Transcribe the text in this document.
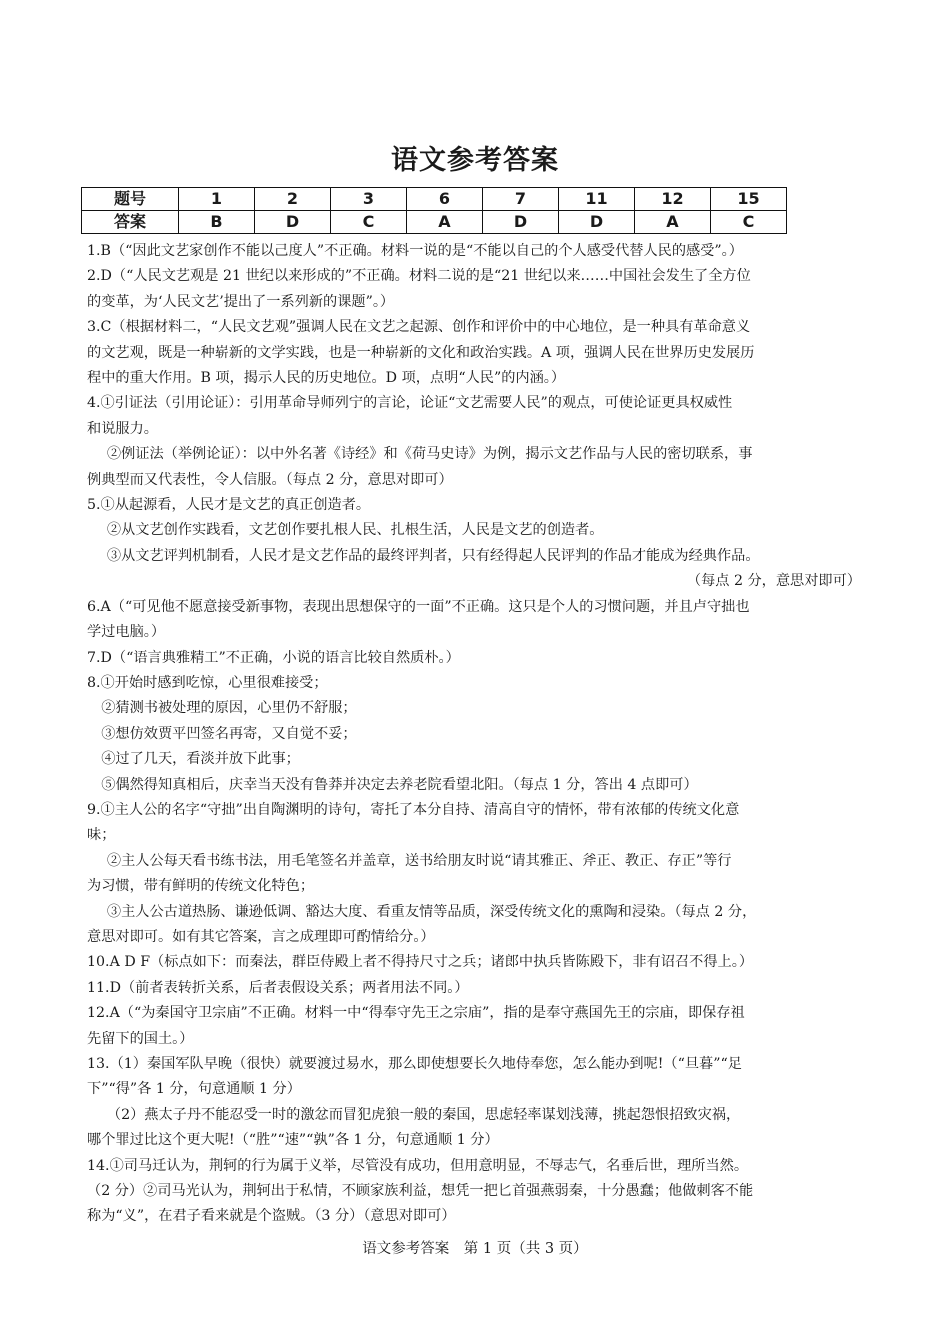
语文参考答案
题号	1	2	3	6	7	11	12	15
答案	B	D	C	A	D	D	A	C

1.B（“因此文艺家创作不能以己度人”不正确。材料一说的是“不能以自己的个人感受代替人民的感受”。）

2.D（“人民文艺观是 21 世纪以来形成的”不正确。材料二说的是“21 世纪以来……中国社会发生了全方位

的变革，为‘人民文艺’提出了一系列新的课题”。）

3.C（根据材料二，“人民文艺观”强调人民在文艺之起源、创作和评价中的中心地位，是一种具有革命意义

的文艺观，既是一种崭新的文学实践，也是一种崭新的文化和政治实践。A 项，强调人民在世界历史发展历

程中的重大作用。B 项，揭示人民的历史地位。D 项，点明“人民”的内涵。）

4.①引证法（引用论证）：引用革命导师列宁的言论，论证“文艺需要人民”的观点，可使论证更具权威性

和说服力。

②例证法（举例论证）：以中外名著《诗经》和《荷马史诗》为例，揭示文艺作品与人民的密切联系，事

例典型而又代表性，令人信服。（每点 2 分，意思对即可）

5.①从起源看，人民才是文艺的真正创造者。

②从文艺创作实践看，文艺创作要扎根人民、扎根生活，人民是文艺的创造者。

③从文艺评判机制看，人民才是文艺作品的最终评判者，只有经得起人民评判的作品才能成为经典作品。

（每点 2 分，意思对即可）

6.A（“可见他不愿意接受新事物，表现出思想保守的一面”不正确。这只是个人的习惯问题，并且卢守拙也

学过电脑。）

7.D（“语言典雅精工”不正确，小说的语言比较自然质朴。）

8.①开始时感到吃惊，心里很难接受；

②猜测书被处理的原因，心里仍不舒服；

③想仿效贾平凹签名再寄，又自觉不妥；

④过了几天，看淡并放下此事；

⑤偶然得知真相后，庆幸当天没有鲁莽并决定去养老院看望北阳。（每点 1 分，答出 4 点即可）

9.①主人公的名字“守拙”出自陶渊明的诗句，寄托了本分自持、清高自守的情怀，带有浓郁的传统文化意

味；

②主人公每天看书练书法，用毛笔签名并盖章，送书给朋友时说“请其雅正、斧正、教正、存正”等行

为习惯，带有鲜明的传统文化特色；

③主人公古道热肠、谦逊低调、豁达大度、看重友情等品质，深受传统文化的熏陶和浸染。（每点 2 分，

意思对即可。如有其它答案，言之成理即可酌情给分。）

10.A D F（标点如下：而秦法，群臣侍殿上者不得持尺寸之兵；诸郎中执兵皆陈殿下，非有诏召不得上。）

11.D（前者表转折关系，后者表假设关系；两者用法不同。）

12.A（“为秦国守卫宗庙”不正确。材料一中“得奉守先王之宗庙”，指的是奉守燕国先王的宗庙，即保存祖

先留下的国土。）

13.（1）秦国军队早晚（很快）就要渡过易水，那么即使想要长久地侍奉您，怎么能办到呢!（“旦暮”“足

下”“得”各 1 分，句意通顺 1 分）

（2）燕太子丹不能忍受一时的激忿而冒犯虎狼一般的秦国，思虑轻率谋划浅薄，挑起怨恨招致灾祸，

哪个罪过比这个更大呢!（“胜”“速”“孰”各 1 分，句意通顺 1 分）

14.①司马迁认为，荆轲的行为属于义举，尽管没有成功，但用意明显，不辱志气，名垂后世，理所当然。

（2 分）②司马光认为，荆轲出于私情，不顾家族利益，想凭一把匕首强燕弱秦，十分愚蠢；他做刺客不能

称为“义”，在君子看来就是个盗贼。（3 分）（意思对即可）

语文参考答案　第 1 页（共 3 页）
